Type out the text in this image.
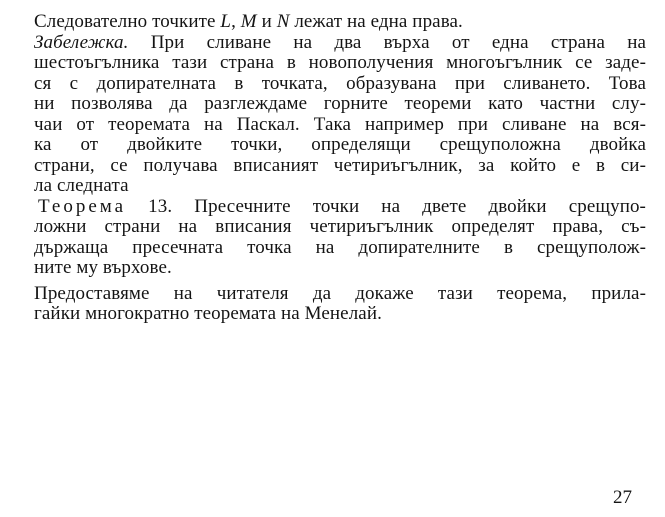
Следователно точките L, M и N лежат на една права.
Забележка. При сливане на два върха от една страна на
шестоъгълника тази страна в новополучения многоъгълник се заде-
ся с допирателната в точката, образувана при сливането. Това
ни позволява да разглеждаме горните теореми като частни слу-
чаи от теоремата на Паскал. Така например при сливане на вся-
ка от двойките точки, определящи срещуположна двойка
страни, се получава вписаният четириъгълник, за който е в си-
ла следната
Теорема 13. Пресечните точки на двете двойки срещупо-
ложни страни на вписания четириъгълник определят права, съ-
държаща пресечната точка на допирателните в срещуполож-
ните му върхове.
Предоставяме на читателя да докаже тази теорема, прила-
гайки многократно теоремата на Менелай.
27
